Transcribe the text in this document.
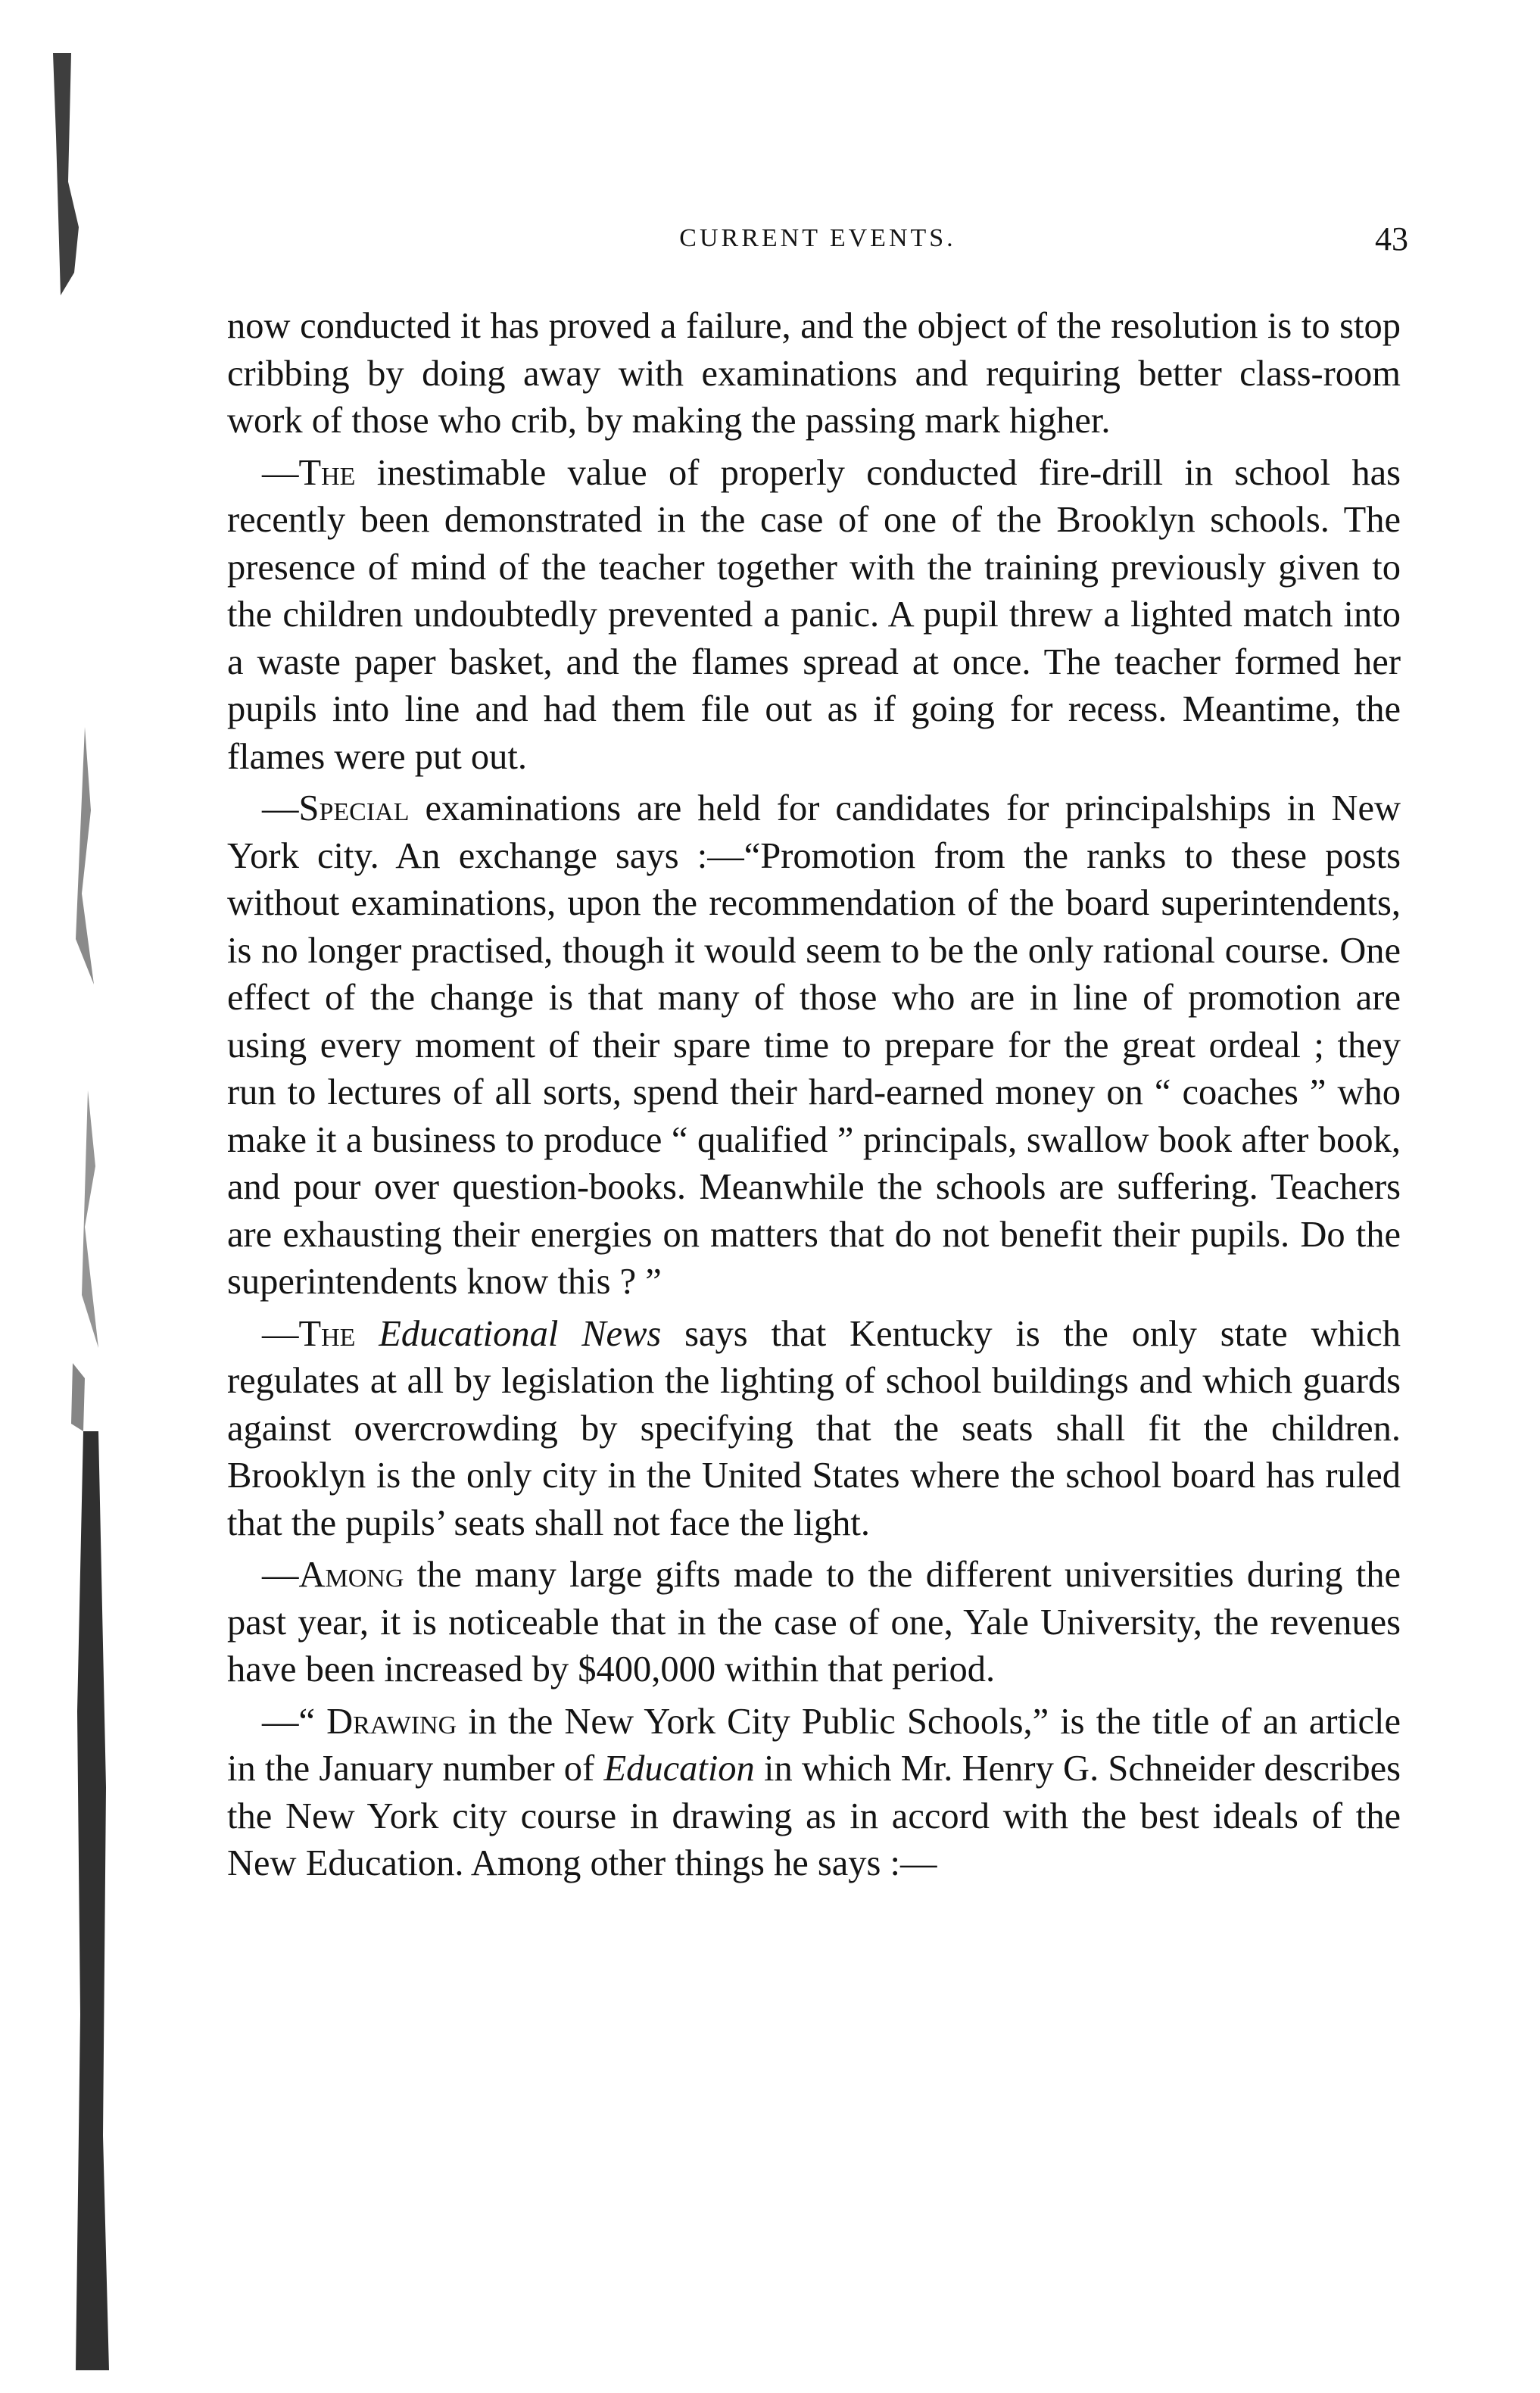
CURRENT EVENTS.	43

now conducted it has proved a failure, and the object of the resolution is to stop cribbing by doing away with examinations and requiring better class-room work of those who crib, by making the passing mark higher.

—The inestimable value of properly conducted fire-drill in school has recently been demonstrated in the case of one of the Brooklyn schools. The presence of mind of the teacher together with the training previously given to the children undoubtedly prevented a panic. A pupil threw a lighted match into a waste paper basket, and the flames spread at once. The teacher formed her pupils into line and had them file out as if going for recess. Meantime, the flames were put out.

—Special examinations are held for candidates for principalships in New York city. An exchange says :—“Promotion from the ranks to these posts without examinations, upon the recommendation of the board superintendents, is no longer practised, though it would seem to be the only rational course. One effect of the change is that many of those who are in line of promotion are using every moment of their spare time to prepare for the great ordeal ; they run to lectures of all sorts, spend their hard-earned money on “ coaches ” who make it a business to produce “ qualified ” principals, swallow book after book, and pour over question-books. Meanwhile the schools are suffering. Teachers are exhausting their energies on matters that do not benefit their pupils. Do the superintendents know this ? ”

—The Educational News says that Kentucky is the only state which regulates at all by legislation the lighting of school buildings and which guards against overcrowding by specifying that the seats shall fit the children. Brooklyn is the only city in the United States where the school board has ruled that the pupils’ seats shall not face the light.

—Among the many large gifts made to the different universities during the past year, it is noticeable that in the case of one, Yale University, the revenues have been increased by $400,000 within that period.

—“ Drawing in the New York City Public Schools,” is the title of an article in the January number of Education in which Mr. Henry G. Schneider describes the New York city course in drawing as in accord with the best ideals of the New Education. Among other things he says :—
